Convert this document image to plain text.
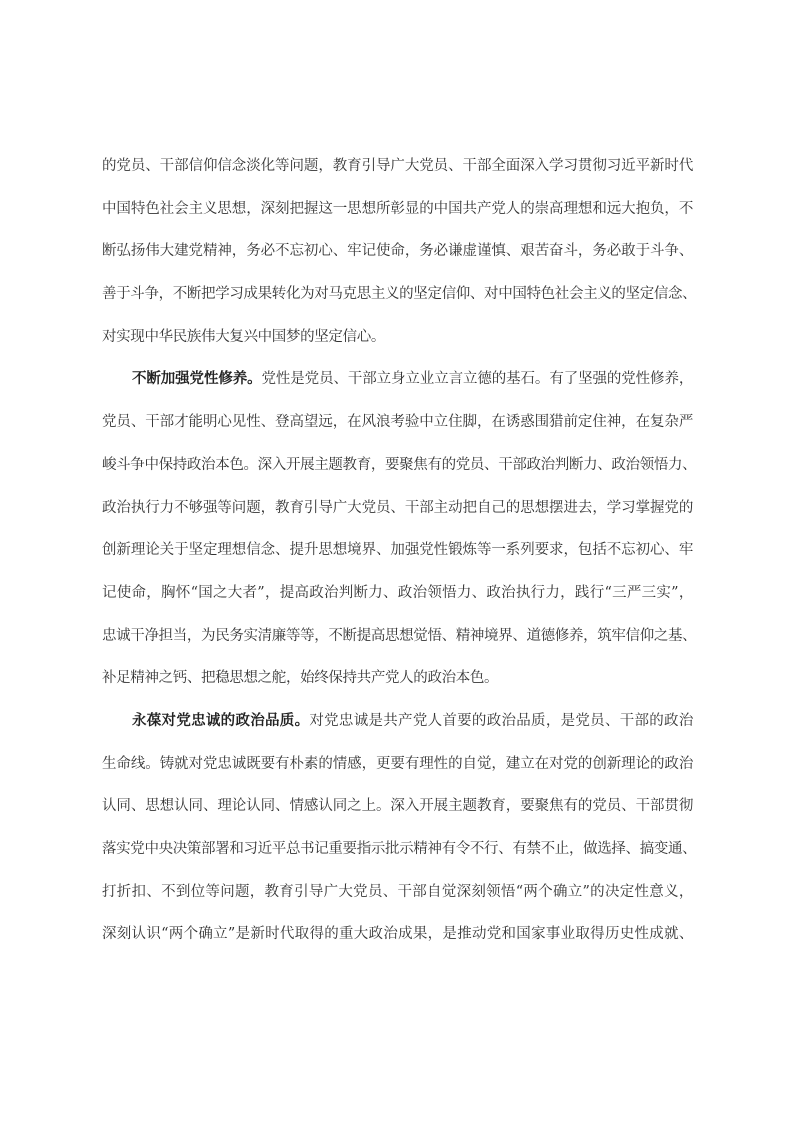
的党员、干部信仰信念淡化等问题，教育引导广大党员、干部全面深入学习贯彻习近平新时代
中国特色社会主义思想，深刻把握这一思想所彰显的中国共产党人的崇高理想和远大抱负，不
断弘扬伟大建党精神，务必不忘初心、牢记使命，务必谦虚谨慎、艰苦奋斗，务必敢于斗争、
善于斗争，不断把学习成果转化为对马克思主义的坚定信仰、对中国特色社会主义的坚定信念、
对实现中华民族伟大复兴中国梦的坚定信心。
不断加强党性修养。党性是党员、干部立身立业立言立德的基石。有了坚强的党性修养，
党员、干部才能明心见性、登高望远，在风浪考验中立住脚，在诱惑围猎前定住神，在复杂严
峻斗争中保持政治本色。深入开展主题教育，要聚焦有的党员、干部政治判断力、政治领悟力、
政治执行力不够强等问题，教育引导广大党员、干部主动把自己的思想摆进去，学习掌握党的
创新理论关于坚定理想信念、提升思想境界、加强党性锻炼等一系列要求，包括不忘初心、牢
记使命，胸怀“国之大者”，提高政治判断力、政治领悟力、政治执行力，践行“三严三实”，
忠诚干净担当，为民务实清廉等等，不断提高思想觉悟、精神境界、道德修养，筑牢信仰之基、
补足精神之钙、把稳思想之舵，始终保持共产党人的政治本色。
永葆对党忠诚的政治品质。对党忠诚是共产党人首要的政治品质，是党员、干部的政治
生命线。铸就对党忠诚既要有朴素的情感，更要有理性的自觉，建立在对党的创新理论的政治
认同、思想认同、理论认同、情感认同之上。深入开展主题教育，要聚焦有的党员、干部贯彻
落实党中央决策部署和习近平总书记重要指示批示精神有令不行、有禁不止，做选择、搞变通、
打折扣、不到位等问题，教育引导广大党员、干部自觉深刻领悟“两个确立”的决定性意义，
深刻认识“两个确立”是新时代取得的重大政治成果，是推动党和国家事业取得历史性成就、
